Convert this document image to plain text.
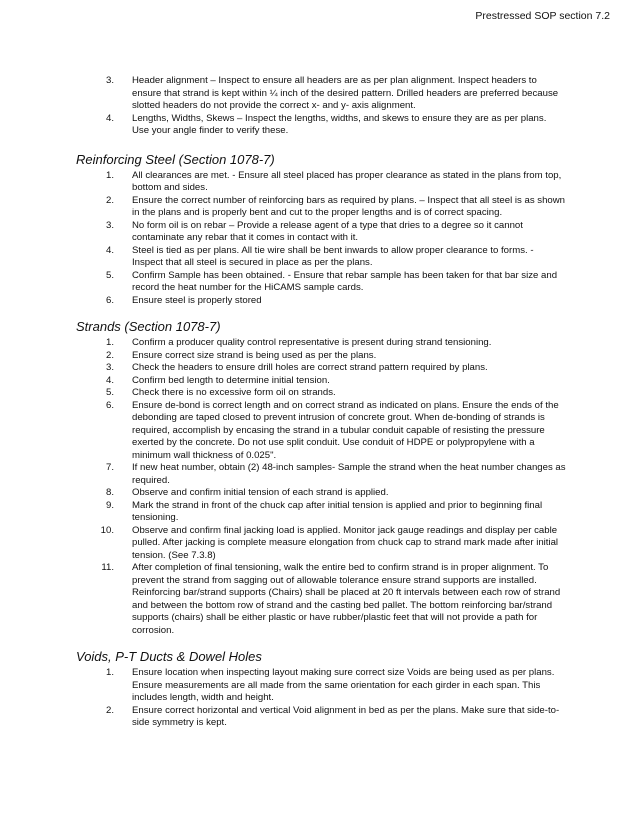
Prestressed SOP section 7.2
3.	Header alignment – Inspect to ensure all headers are as per plan alignment. Inspect headers to ensure that strand is kept within ¼ inch of the desired pattern. Drilled headers are preferred because slotted headers do not provide the correct x- and y- axis alignment.
4.	Lengths, Widths, Skews – Inspect the lengths, widths, and skews to ensure they are as per plans. Use your angle finder to verify these.
Reinforcing Steel (Section 1078-7)
1.	All clearances are met. - Ensure all steel placed has proper clearance as stated in the plans from top, bottom and sides.
2.	Ensure the correct number of reinforcing bars as required by plans. – Inspect that all steel is as shown in the plans and is properly bent and cut to the proper lengths and is of correct spacing.
3.	No form oil is on rebar – Provide a release agent of a type that dries to a degree so it cannot contaminate any rebar that it comes in contact with it.
4.	Steel is tied as per plans. All tie wire shall be bent inwards to allow proper clearance to forms. - Inspect that all steel is secured in place as per the plans.
5.	Confirm Sample has been obtained. - Ensure that rebar sample has been taken for that bar size and record the heat number for the HiCAMS sample cards.
6.	Ensure steel is properly stored
Strands (Section 1078-7)
1.	Confirm a producer quality control representative is present during strand tensioning.
2.	Ensure correct size strand is being used as per the plans.
3.	Check the headers to ensure drill holes are correct strand pattern required by plans.
4.	Confirm bed length to determine initial tension.
5.	Check there is no excessive form oil on strands.
6.	Ensure de-bond is correct length and on correct strand as indicated on plans. Ensure the ends of the debonding are taped closed to prevent intrusion of concrete grout. When de-bonding of strands is required, accomplish by encasing the strand in a tubular conduit capable of resisting the pressure exerted by the concrete. Do not use split conduit. Use conduit of HDPE or polypropylene with a minimum wall thickness of 0.025".
7.	If new heat number, obtain (2) 48-inch samples- Sample the strand when the heat number changes as required.
8.	Observe and confirm initial tension of each strand is applied.
9.	Mark the strand in front of the chuck cap after initial tension is applied and prior to beginning final tensioning.
10.	Observe and confirm final jacking load is applied. Monitor jack gauge readings and display per cable pulled. After jacking is complete measure elongation from chuck cap to strand mark made after initial tension. (See 7.3.8)
11.	After completion of final tensioning, walk the entire bed to confirm strand is in proper alignment. To prevent the strand from sagging out of allowable tolerance ensure strand supports are installed. Reinforcing bar/strand supports (Chairs) shall be placed at 20 ft intervals between each row of strand and between the bottom row of strand and the casting bed pallet. The bottom reinforcing bar/strand supports (chairs) shall be either plastic or have rubber/plastic feet that will not provide a path for corrosion.
Voids, P-T Ducts & Dowel Holes
1.	Ensure location when inspecting layout making sure correct size Voids are being used as per plans. Ensure measurements are all made from the same orientation for each girder in each span. This includes length, width and height.
2.	Ensure correct horizontal and vertical Void alignment in bed as per the plans. Make sure that side-to-side symmetry is kept.
